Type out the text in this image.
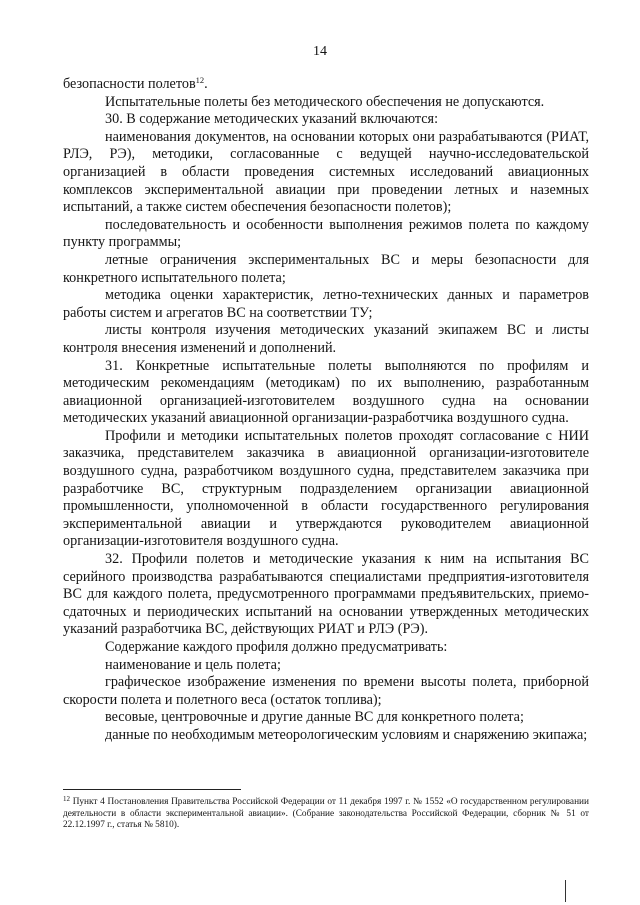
14

безопасности полетов$^{12}$.

Испытательные полеты без методического обеспечения не допускаются.

30. В содержание методических указаний включаются:

наименования документов, на основании которых они разрабатываются (РИАТ, РЛЭ, РЭ), методики, согласованные с ведущей научно-исследовательской организацией в области проведения системных исследований авиационных комплексов экспериментальной авиации при проведении летных и наземных испытаний, а также систем обеспечения безопасности полетов);

последовательность и особенности выполнения режимов полета по каждому пункту программы;

летные ограничения экспериментальных ВС и меры безопасности для конкретного испытательного полета;

методика оценки характеристик, летно-технических данных и параметров работы систем и агрегатов ВС на соответствии ТУ;

листы контроля изучения методических указаний экипажем ВС и листы контроля внесения изменений и дополнений.

31. Конкретные испытательные полеты выполняются по профилям и методическим рекомендациям (методикам) по их выполнению, разработанным авиационной организацией-изготовителем воздушного судна на основании методических указаний авиационной организации-разработчика воздушного судна.

Профили и методики испытательных полетов проходят согласование с НИИ заказчика, представителем заказчика в авиационной организации-изготовителе воздушного судна, разработчиком воздушного судна, представителем заказчика при разработчике ВС, структурным подразделением организации авиационной промышленности, уполномоченной в области государственного регулирования экспериментальной авиации и утверждаются руководителем авиационной организации-изготовителя воздушного судна.

32. Профили полетов и методические указания к ним на испытания ВС серийного производства разрабатываются специалистами предприятия-изготовителя ВС для каждого полета, предусмотренного программами предъявительских, приемо-сдаточных и периодических испытаний на основании утвержденных методических указаний разработчика ВС, действующих РИАТ и РЛЭ (РЭ).

Содержание каждого профиля должно предусматривать:

наименование и цель полета;

графическое изображение изменения по времени высоты полета, приборной скорости полета и полетного веса (остаток топлива);

весовые, центровочные и другие данные ВС для конкретного полета;

данные по необходимым метеорологическим условиям и снаряжению экипажа;

$^{12}$ Пункт 4 Постановления Правительства Российской Федерации от 11 декабря 1997 г. № 1552 «О государственном регулировании деятельности в области экспериментальной авиации». (Собрание законодательства Российской Федерации, сборник № 51 от 22.12.1997 г., статья № 5810).
